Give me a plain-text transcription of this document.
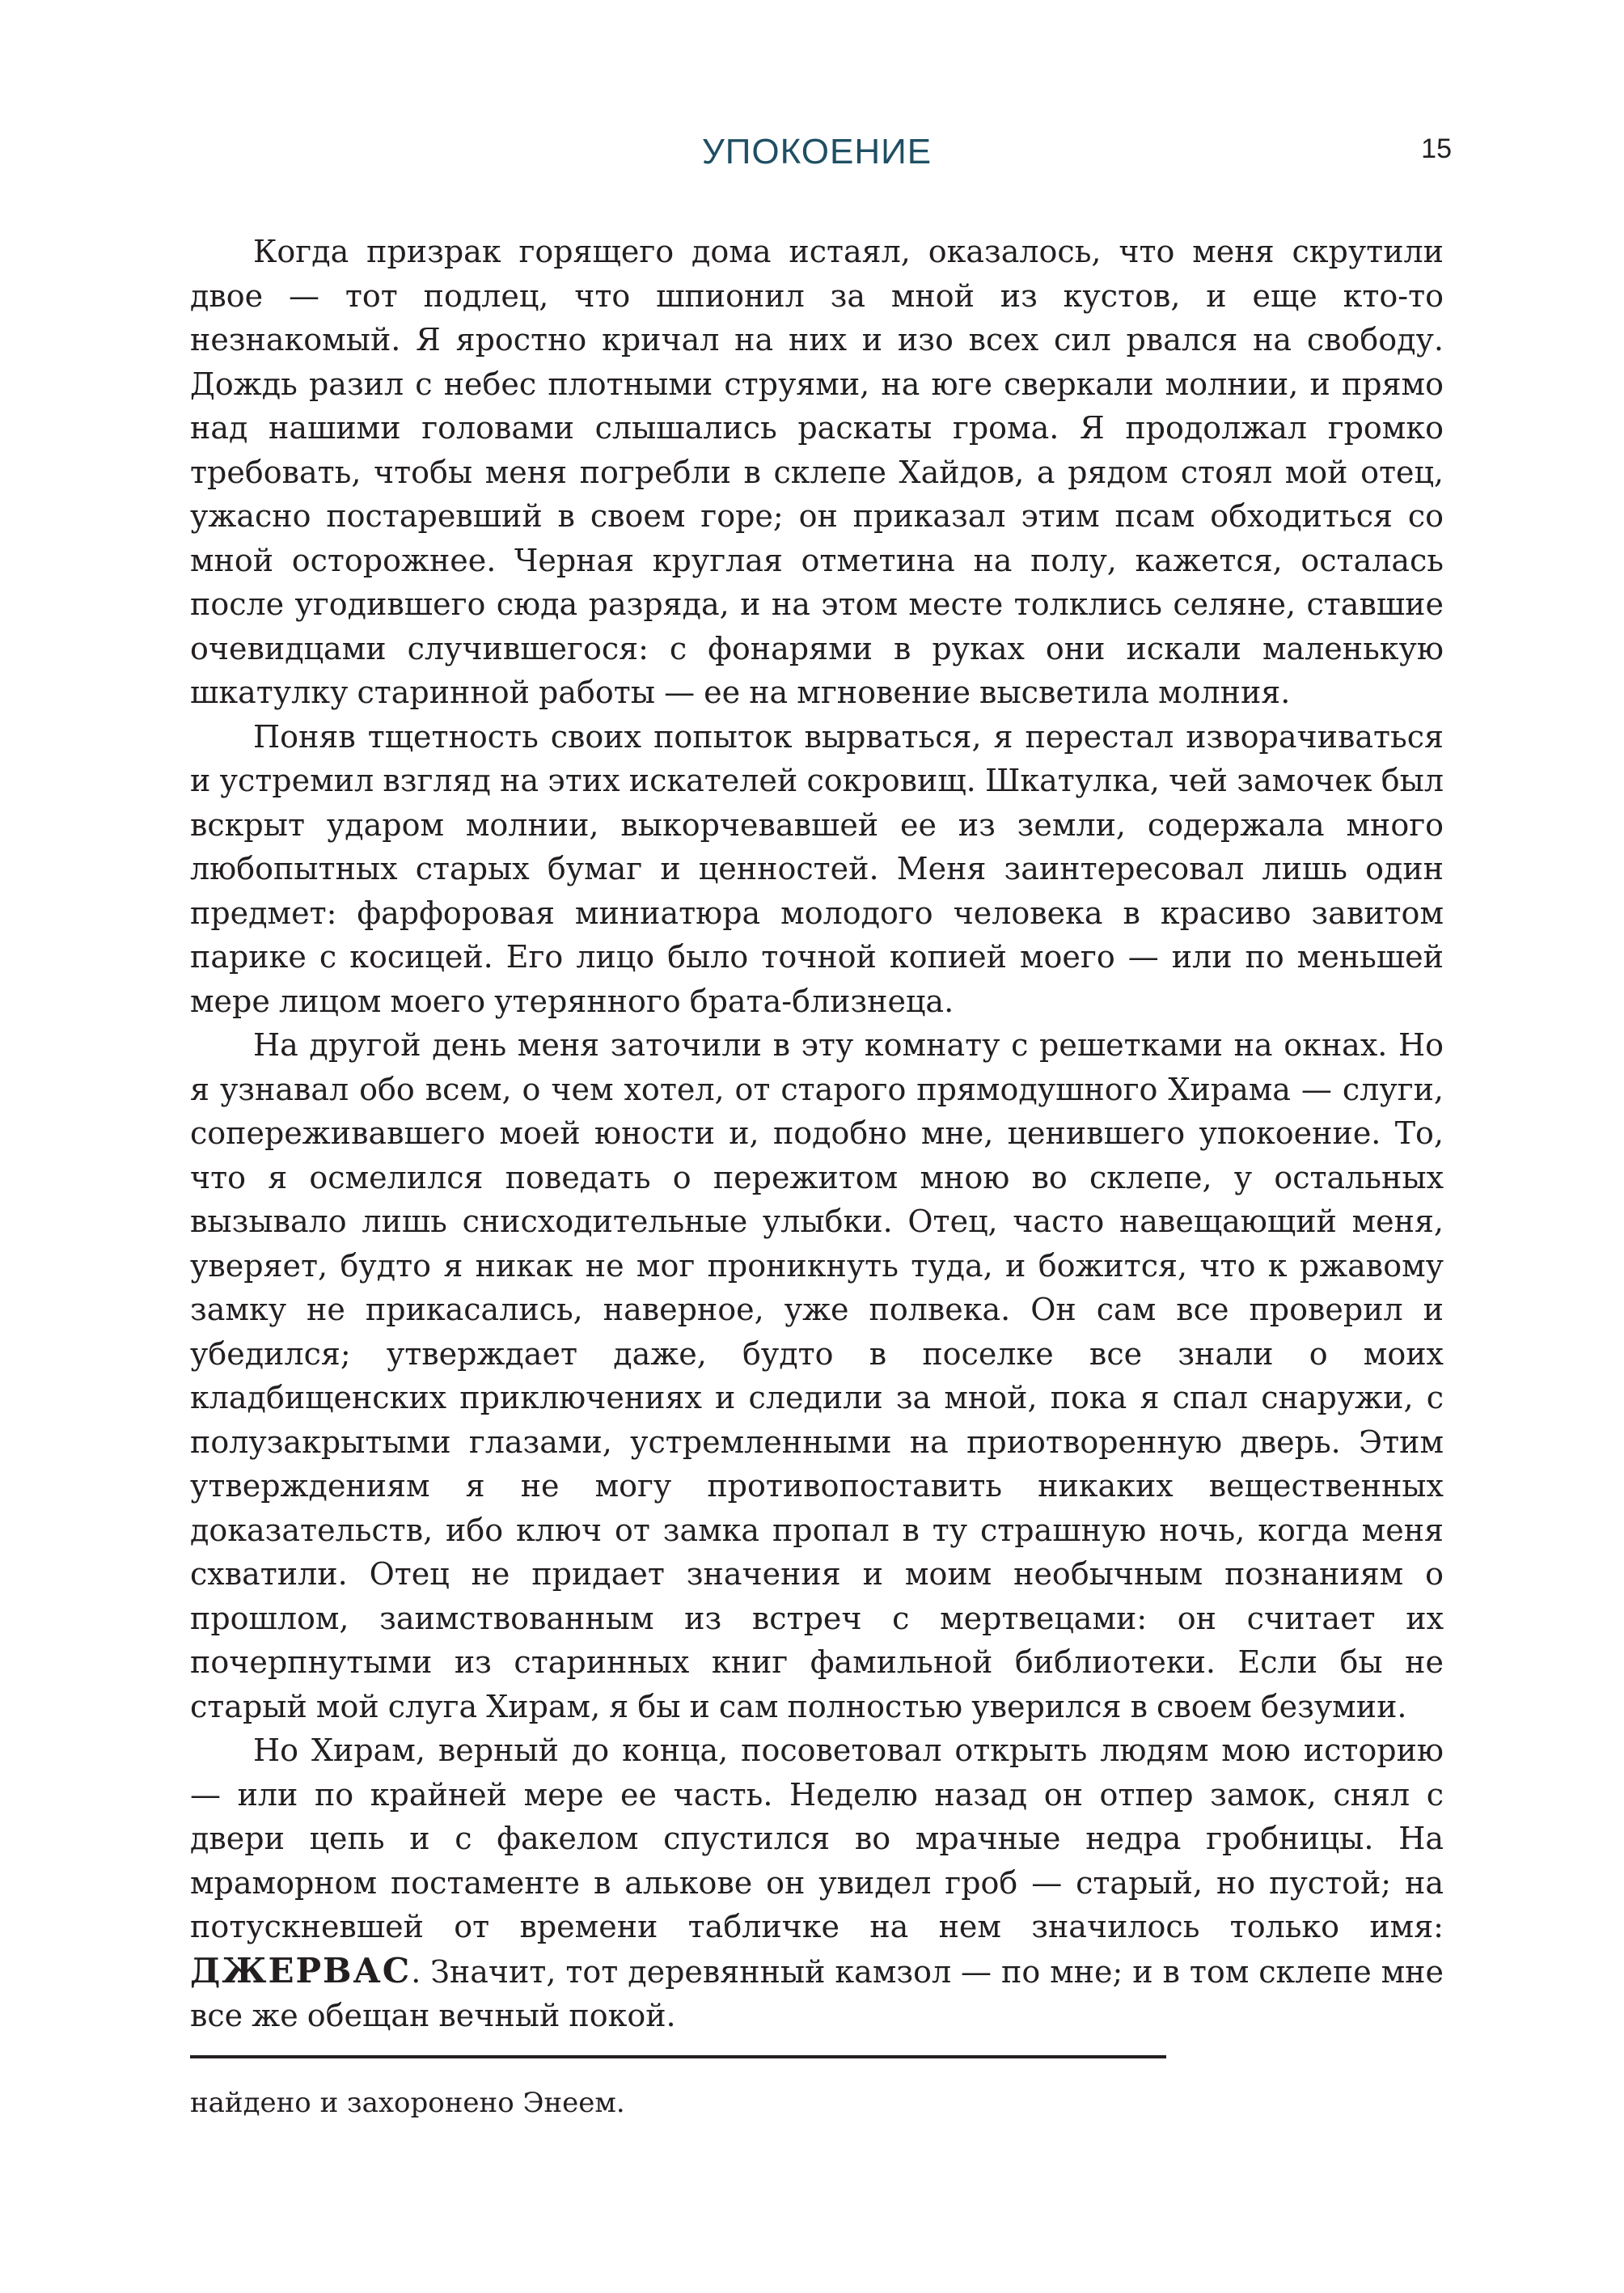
УПОКОЕНИЕ	15

Когда призрак горящего дома истаял, оказалось, что меня скрутили двое — тот подлец, что шпионил за мной из кустов, и еще кто-то незнакомый. Я яростно кричал на них и изо всех сил рвался на свободу. Дождь разил с небес плотными струями, на юге сверкали молнии, и прямо над нашими головами слышались раскаты грома. Я продолжал громко требовать, чтобы меня погребли в склепе Хайдов, а рядом стоял мой отец, ужасно постаревший в своем горе; он приказал этим псам обходиться со мной осторожнее. Черная круглая отметина на полу, кажется, осталась после угодившего сюда разряда, и на этом месте толклись селяне, ставшие очевидцами случившегося: с фонарями в руках они искали маленькую шкатулку старинной работы — ее на мгновение высветила молния.

Поняв тщетность своих попыток вырваться, я перестал изворачиваться и устремил взгляд на этих искателей сокровищ. Шкатулка, чей замочек был вскрыт ударом молнии, выкорчевавшей ее из земли, содержала много любопытных старых бумаг и ценностей. Меня заинтересовал лишь один предмет: фарфоровая миниатюра молодого человека в красиво завитом парике с косицей. Его лицо было точной копией моего — или по меньшей мере лицом моего утерянного брата-близнеца.

На другой день меня заточили в эту комнату с решетками на окнах. Но я узнавал обо всем, о чем хотел, от старого прямодушного Хирама — слуги, сопереживавшего моей юности и, подобно мне, ценившего упокоение. То, что я осмелился поведать о пережитом мною во склепе, у остальных вызывало лишь снисходительные улыбки. Отец, часто навещающий меня, уверяет, будто я никак не мог проникнуть туда, и божится, что к ржавому замку не прикасались, наверное, уже полвека. Он сам все проверил и убедился; утверждает даже, будто в поселке все знали о моих кладбищенских приключениях и следили за мной, пока я спал снаружи, с полузакрытыми глазами, устремленными на приотворенную дверь. Этим утверждениям я не могу противопоставить никаких вещественных доказательств, ибо ключ от замка пропал в ту страшную ночь, когда меня схватили. Отец не придает значения и моим необычным познаниям о прошлом, заимствованным из встреч с мертвецами: он считает их почерпнутыми из старинных книг фамильной библиотеки. Если бы не старый мой слуга Хирам, я бы и сам полностью уверился в своем безумии.

Но Хирам, верный до конца, посоветовал открыть людям мою историю — или по крайней мере ее часть. Неделю назад он отпер замок, снял с двери цепь и с факелом спустился во мрачные недра гробницы. На мраморном постаменте в алькове он увидел гроб — старый, но пустой; на потускневшей от времени табличке на нем значилось только имя: ДЖЕРВАС. Значит, тот деревянный камзол — по мне; и в том склепе мне все же обещан вечный покой.

найдено и захоронено Энеем.
